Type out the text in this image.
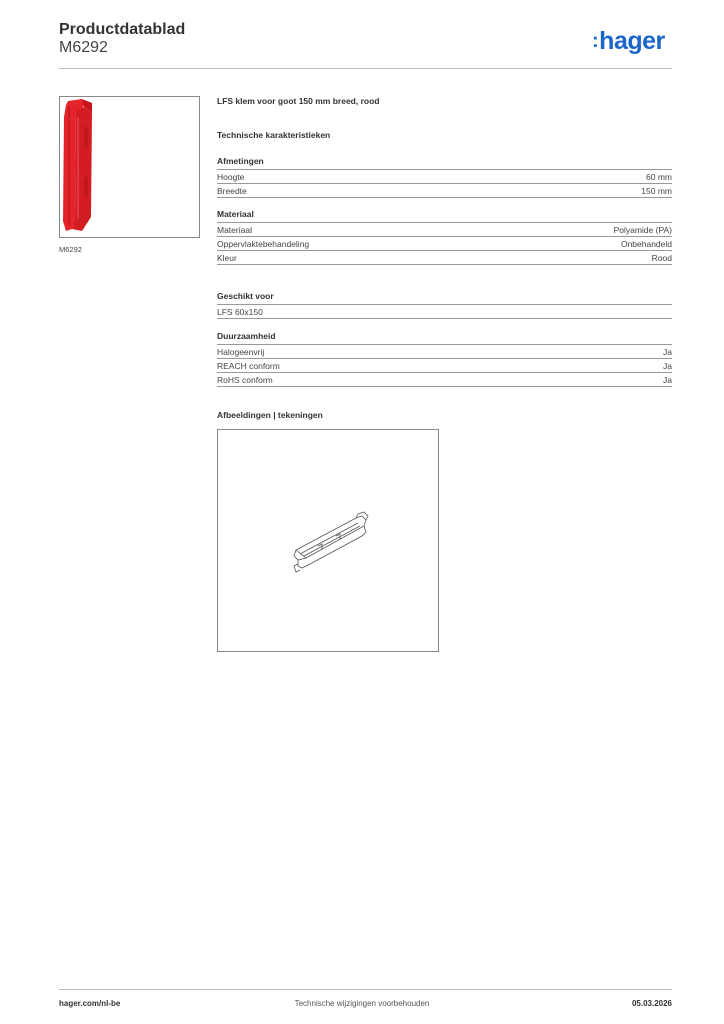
Productdatablad
M6292	:hager
M6292
LFS klem voor goot 150 mm breed, rood
Technische karakteristieken
Afmetingen
Hoogte	60 mm
Breedte	150 mm
Materiaal
Materiaal	Polyamide (PA)
Oppervlaktebehandeling	Onbehandeld
Kleur	Rood
Geschikt voor
LFS 60x150
Duurzaamheid
Halogeenvrij	Ja
REACH conform	Ja
RoHS conform	Ja
Afbeeldingen | tekeningen
hager.com/nl-be	Technische wijzigingen voorbehouden	05.03.2026
